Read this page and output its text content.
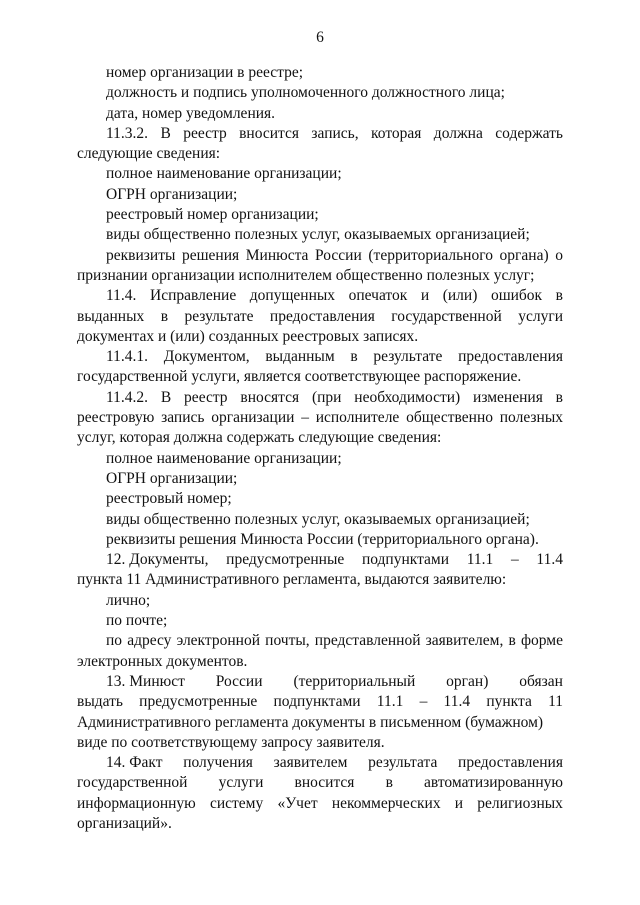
6

номер организации в реестре;

должность и подпись уполномоченного должностного лица;

дата, номер уведомления.

11.3.2. В реестр вносится запись, которая должна содержать следующие сведения:

полное наименование организации;

ОГРН организации;

реестровый номер организации;

виды общественно полезных услуг, оказываемых организацией;

реквизиты решения Минюста России (территориального органа) о признании организации исполнителем общественно полезных услуг;

11.4. Исправление допущенных опечаток и (или) ошибок в выданных в результате предоставления государственной услуги документах и (или) созданных реестровых записях.

11.4.1. Документом, выданным в результате предоставления государственной услуги, является соответствующее распоряжение.

11.4.2. В реестр вносятся (при необходимости) изменения в реестровую запись организации – исполнителе общественно полезных услуг, которая должна содержать следующие сведения:

полное наименование организации;

ОГРН организации;

реестровый номер;

виды общественно полезных услуг, оказываемых организацией;

реквизиты решения Минюста России (территориального органа).

12. Документы, предусмотренные подпунктами 11.1 – 11.4
пункта 11 Административного регламента, выдаются заявителю:

лично;

по почте;

по адресу электронной почты, представленной заявителем, в форме электронных документов.

13. Минюст России (территориальный орган) обязан
выдать предусмотренные подпунктами 11.1 – 11.4 пункта 11
Административного регламента документы в письменном (бумажном)
виде по соответствующему запросу заявителя.
14. Факт получения заявителем результата предоставления
государственной услуги вносится в автоматизированную
информационную систему «Учет некоммерческих и религиозных
организаций».
